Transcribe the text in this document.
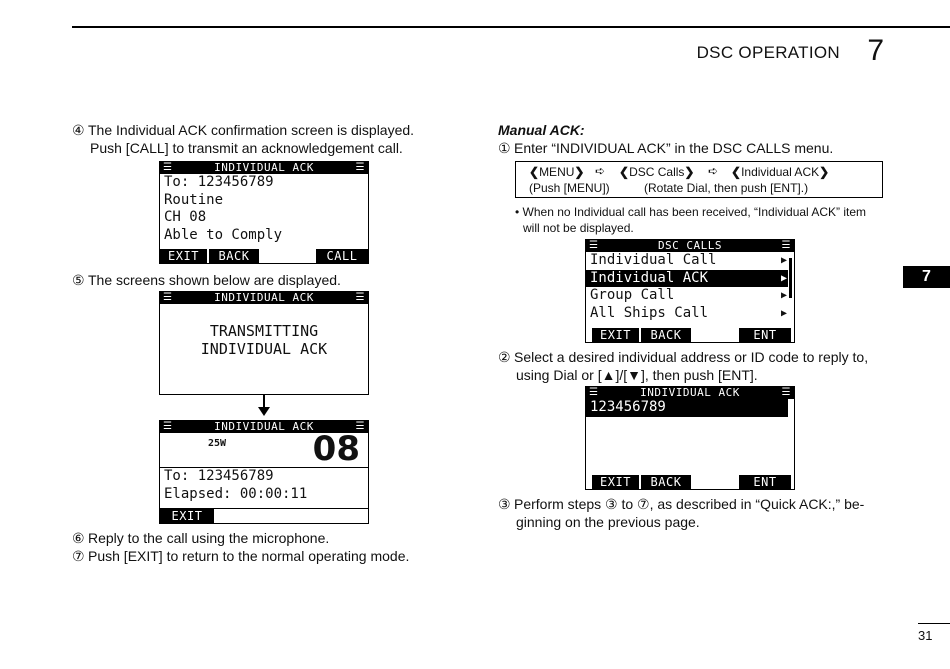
DSC OPERATION 7
7
④ The Individual ACK confirmation screen is displayed.
Push [CALL] to transmit an acknowledgement call.
☰	INDIVIDUAL ACK	☰
To: 123456789
Routine
CH 08
Able to Comply
EXIT	BACK	CALL
⑤ The screens shown below are displayed.
☰	INDIVIDUAL ACK	☰
TRANSMITTING
INDIVIDUAL ACK
☰	INDIVIDUAL ACK	☰
25W	08
To: 123456789
Elapsed: 00:00:11
EXIT
⑥ Reply to the call using the microphone.
⑦ Push [EXIT] to return to the normal operating mode.
Manual ACK:
① Enter “INDIVIDUAL ACK” in the DSC CALLS menu.
❮MENU❯ ➪ ❮DSC Calls❯ ➪ ❮Individual ACK❯
(Push [MENU])	(Rotate Dial, then push [ENT].)
• When no Individual call has been received, “Individual ACK” item
will not be displayed.
☰	DSC CALLS	☰
Individual Call	▶
Individual ACK	▶
Group Call	▶
All Ships Call	▶
EXIT	BACK	ENT
② Select a desired individual address or ID code to reply to,
using Dial or [▲]/[▼], then push [ENT].
☰	INDIVIDUAL ACK	☰
123456789
EXIT	BACK	ENT
③ Perform steps ③ to ⑦, as described in “Quick ACK:,” be-
ginning on the previous page.
31
